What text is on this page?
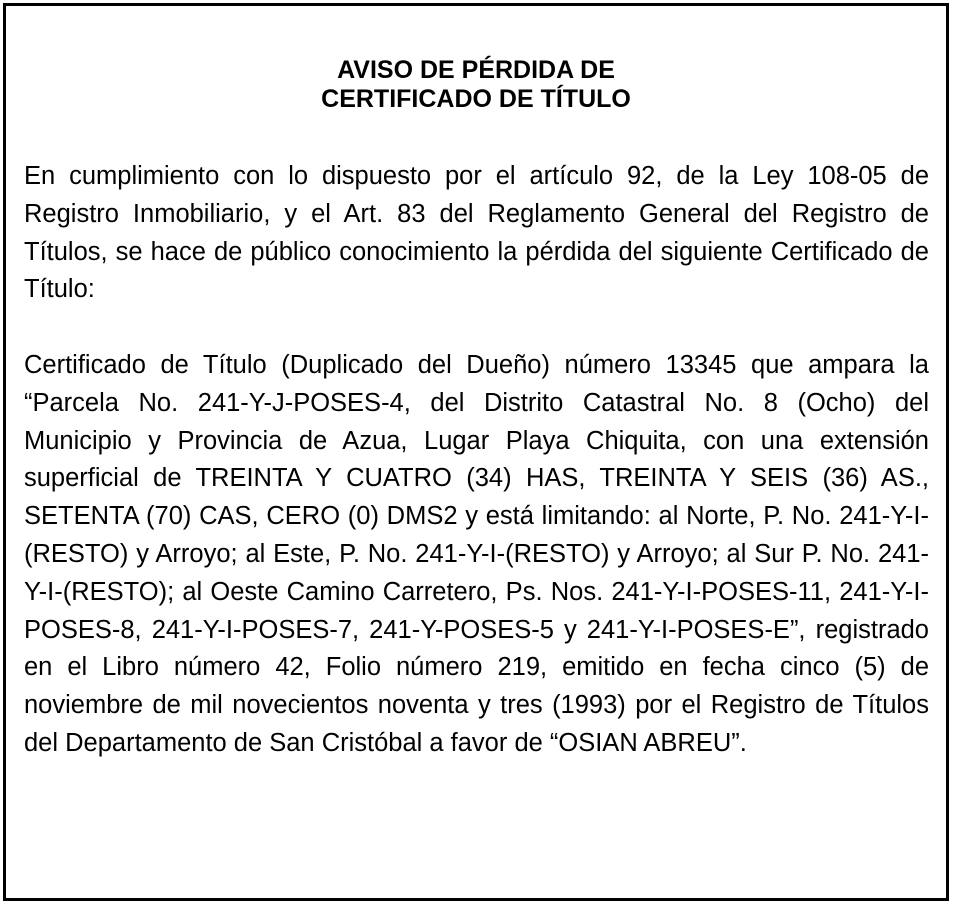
AVISO DE PÉRDIDA DE
CERTIFICADO DE TÍTULO

En cumplimiento con lo dispuesto por el artículo 92, de la Ley 108-05 de Registro Inmobiliario, y el Art. 83 del Reglamento General del Registro de Títulos, se hace de público conocimiento la pérdida del siguiente Certificado de Título:

Certificado de Título (Duplicado del Dueño) número 13345 que ampara la “Parcela No. 241-Y-J-POSES-4, del Distrito Catastral No. 8 (Ocho) del Municipio y Provincia de Azua, Lugar Playa Chiquita, con una extensión superficial de TREINTA Y CUATRO (34) HAS, TREINTA Y SEIS (36) AS., SETENTA (70) CAS, CERO (0) DMS2 y está limitando: al Norte, P. No. 241-Y-I-(RESTO) y Arroyo; al Este, P. No. 241-Y-I-(RESTO) y Arroyo; al Sur P. No. 241-Y-I-(RESTO); al Oeste Camino Carretero, Ps. Nos. 241-Y-I-POSES-11, 241-Y-I-POSES-8, 241-Y-I-POSES-7, 241-Y-POSES-5 y 241-Y-I-POSES-E”, registrado en el Libro número 42, Folio número 219, emitido en fecha cinco (5) de noviembre de mil novecientos noventa y tres (1993) por el Registro de Títulos del Departamento de San Cristóbal a favor de “OSIAN ABREU”.
